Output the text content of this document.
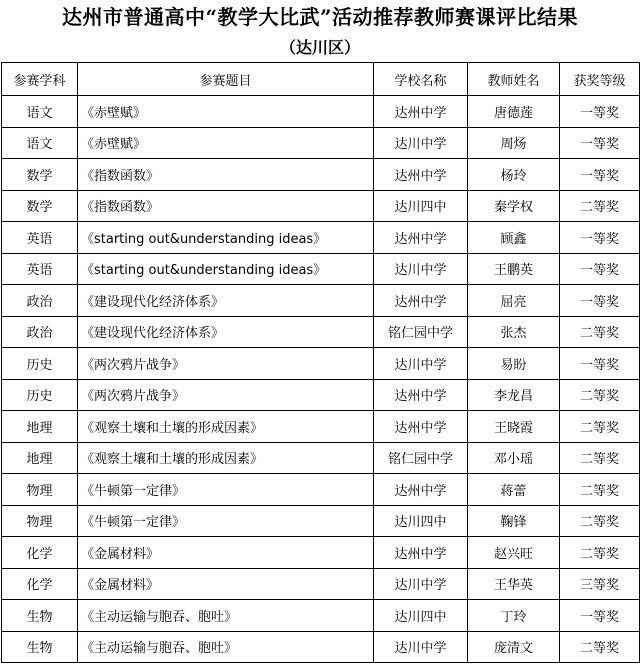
达州市普通高中“教学大比武”活动推荐教师赛课评比结果
（达川区）
参赛学科	参赛题目	学校名称	教师姓名	获奖等级
语文	《赤壁赋》	达州中学	唐德莲	一等奖
语文	《赤壁赋》	达川中学	周炀	一等奖
数学	《指数函数》	达州中学	杨玲	一等奖
数学	《指数函数》	达川四中	秦学权	二等奖
英语	《starting out&understanding ideas》	达州中学	顾鑫	一等奖
英语	《starting out&understanding ideas》	达川中学	王鹏英	一等奖
政治	《建设现代化经济体系》	达州中学	屈亮	一等奖
政治	《建设现代化经济体系》	铭仁园中学	张杰	二等奖
历史	《两次鸦片战争》	达川中学	易盼	一等奖
历史	《两次鸦片战争》	达州中学	李龙昌	二等奖
地理	《观察土壤和土壤的形成因素》	达州中学	王晓霞	二等奖
地理	《观察土壤和土壤的形成因素》	铭仁园中学	邓小瑶	二等奖
物理	《牛顿第一定律》	达州中学	蒋蕾	二等奖
物理	《牛顿第一定律》	达川四中	鞠锋	二等奖
化学	《金属材料》	达州中学	赵兴旺	二等奖
化学	《金属材料》	达川中学	王华英	三等奖
生物	《主动运输与胞吞、胞吐》	达川四中	丁玲	一等奖
生物	《主动运输与胞吞、胞吐》	达川中学	庞清文	二等奖
